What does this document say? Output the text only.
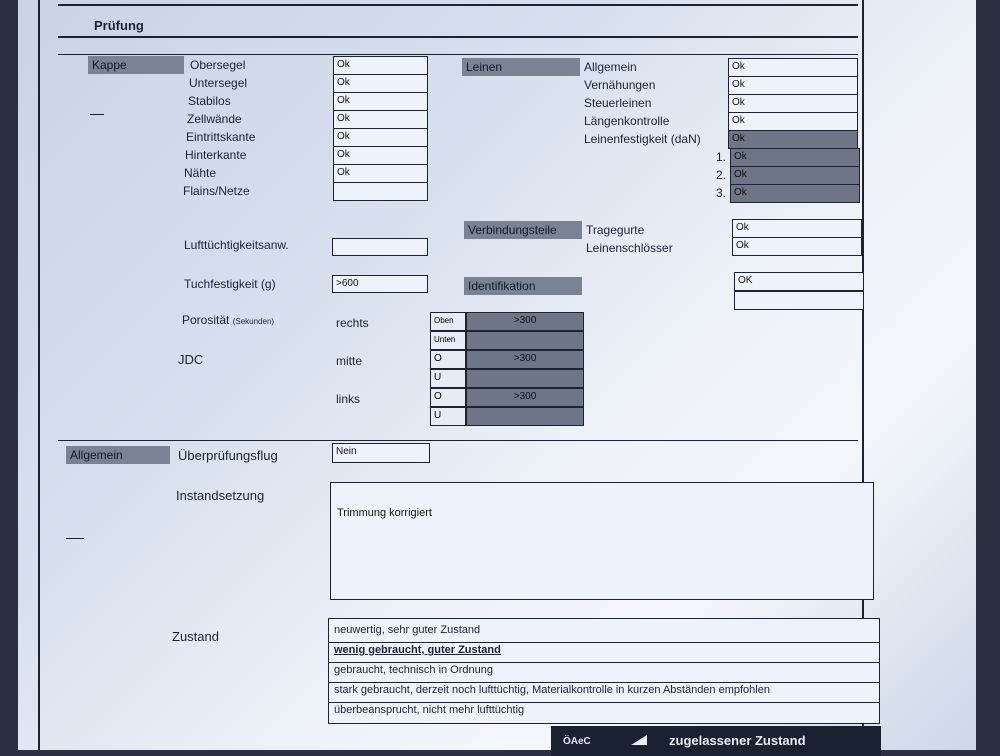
Prüfung
Kappe	Obersegel	Ok
Untersegel	Ok
Stabilos	Ok
Zellwände	Ok
Eintrittskante	Ok
Hinterkante	Ok
Nähte	Ok
Flains/Netze
Lufttüchtigkeitsanw.
Tuchfestigkeit (g)	>600
Porosität (Sekunden)
JDC
rechts	Oben	>300
Unten
mitte	O	>300
U
links	O	>300
U
Leinen	Allgemein	Ok
Vernähungen	Ok
Steuerleinen	Ok
Längenkontrolle	Ok
Leinenfestigkeit (daN)	Ok
1. Ok
2. Ok
3. Ok
Verbindungsteile	Tragegurte	Ok
Leinenschlösser	Ok
Identifikation	OK
Allgemein	Überprüfungsflug	Nein
Instandsetzung
Trimmung korrigiert
Zustand	neuwertig, sehr guter Zustand
wenig gebraucht, guter Zustand
gebraucht, technisch in Ordnung
stark gebraucht, derzeit noch lufttüchtig, Materialkontrolle in kurzen Abständen empfohlen
überbeansprucht, nicht mehr lufttüchtig
ÖAeC	zugelassener Zustand
